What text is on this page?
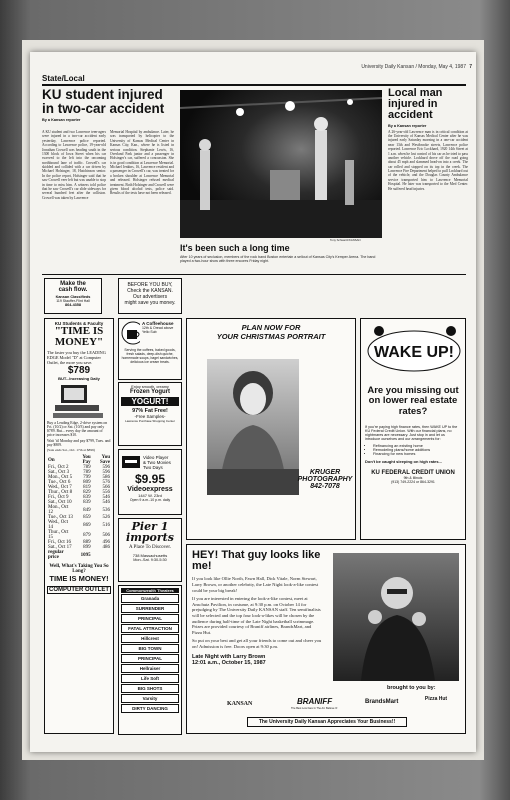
University Daily Kansan / Monday, May 4, 1987 7
State/Local
KU student injured in two-car accident
By a Kansan reporter
A KU student and two Lawrence teen-agers were injured in a two-car accident early yesterday, Lawrence police reported. According to Lawrence police, 19-year-old Jonathan Crowell was heading south in the 1300 block of Iowa Street when his car swerved to the left into the oncoming northbound lane of traffic. Crowell's car skidded and collided with a car driven by Michael Holsinger, 18, Hutchinson senior. In the police report, Holsinger said that he saw Crowell veer left but was unable to stop in time to miss him. A witness told police that he saw Crowell's car slide sideways for several hundred feet after the collision. Crowell was taken by Lawrence
Memorial Hospital by ambulance. Later, he was transported by helicopter to the University of Kansas Medical Center in Kansas City, Kan., where he is listed in serious condition. Stephanie Lewis, 16, Overland Park junior and a passenger in Holsinger's car, suffered a concussion. She is in good condition at Lawrence Memorial. Michael Jenkins, 16, Lawrence resident and a passenger in Crowell's car, was treated for a broken shoulder at Lawrence Memorial and released. Holsinger refused medical treatment. Both Holsinger and Crowell were given blood alcohol tests, police said. Results of the tests have not been released.
Tony Schwartz/KANSAN
It's been such a long time
After 10 years of seclusion, members of the rock band Boston entertain a sellout of Kansas City's Kemper Arena. The band played a two-hour show with three encores Friday night.
Local man injured in accident
By a Kansan reporter
A 26-year-old Lawrence man is in critical condition at the University of Kansas Medical Center after he was injured early Saturday morning in a one-car accident near 13th and Westbrooke streets, Lawrence police reported. Lawrence Eric Lockhard, 1920 14th Street at 1 a.m. when he lost control of his car as he tried to pass another vehicle. Lockhard drove off the road going about 45 mph and slammed head-on into a creek. The car rolled and stopped on its top in the creek. The Lawrence Fire Department helped to pull Lockhard out of the vehicle, and the Douglas County Ambulance service transported him to Lawrence Memorial Hospital. He later was transported to the Med Center. He suffered head injuries.
Make the
cash flow.
Kansan Classifieds
119 Stauffer-Flint Hall
864-4358
BEFORE YOU BUY,
Check the KANSAN.
Our advertisers
might save you money.
KU Students & Faculty
"TIME IS MONEY"
The faster you buy the LEADING EDGE Model "D" at Computer Outlet, the more you save.
$789
BUT...Increasing Daily
Buy a Leading Edge, 2-drive system on Fri. (10/2) or Sat. (10/3) and pay only $789. But... every day the amount of price increases $10.
Wait 'til Monday and pay $799, Tues. and pay $809.
(Sale ends Sat., Oct. 17th at $899)
On	You Pay	You Save
Fri., Oct 2	789	596
Sat., Oct 3	789	596
Mon., Oct 5	799	586
Tue., Oct 6	809	576
Wed., Oct 7	819	566
Thur., Oct 8	829	556
Fri., Oct 9	839	546
Sat., Oct 10	839	546
Mon., Oct 12	849	536
Tue., Oct 13	859	526
Wed., Oct 14	869	516
Thur., Oct 15	879	506
Fri., Oct 16	889	496
Sat., Oct 17	899	486
regular price	1095	
Well, What's Taking You So Long?
TIME IS MONEY!
COMPUTER OUTLET
A Coffeehouse
12th & Oread above Yello Sub
Serving the coffees, baked goods, fresh salads, deep-dish quiche, homemade soups, bagel sandwiches, delicious ice cream treats.
Enjoy smooth, creamy
Frozen Yogurt
YOGURT!
97% Fat Free!
-Free Samples-
Lawrence Purchase Shopping Center
Video Player
& Two Movies
Two Days
$9.95
Videoexpress
1447 W. 23rd
Open 9 a.m.-10 p.m. daily
Pier 1 imports
A Place To Discover.
738 Massachusetts
Mon.-Sat. 9:30-5:30
Commonwealth Theatres
Granada
SURRENDER
PRINCIPAL
FATAL ATTRACTION
Hillcrest
BIG TOWN
PRINCIPAL
Hellraiser
Life Soft
BIG SHOTS
Varsity
DIRTY DANCING
PLAN NOW FOR
YOUR CHRISTMAS PORTRAIT
KRUGER
PHOTOGRAPHY
842-7078
WAKE UP!
Are you missing out on lower real estate rates?
If you're paying high finance rates, then WAKE UP to the KU Federal Credit Union. With our financial plans, no nightmares are necessary. Just stop in and let us introduce ourselves and our arrangements for:
• Refinancing an existing home
• Remodeling plans/home additions
• Financing for new homes
Don't be caught sleeping on high rates...
KU FEDERAL CREDIT UNION
9th & Illinois
(913) 749-2224 or 864-3291
HEY! That guy looks like me!
If you look like Ollie North, Fawn Hall, Dick Vitale, Norm Stewart, Larry Brown, or another celebrity, the Late Night look-a-like contest could be your big break!
If you are interested in entering the look-a-like contest, meet at Anschutz Pavilion, in costume, at 9:30 p.m. on October 14 for prejudging by The University Daily KANSAN staff. Ten semifinalists will be selected and the top four look-a-likes will be chosen by the audience during half-time of the Late Night basketball scrimmage. Prizes are provided courtesy of Braniff airlines, BrandsMart, and Pizza Hut.
So put on your best and get all your friends to come out and cheer you on! Admission is free. Doors open at 9:30 p.m.
Late Night with Larry Brown
12:01 a.m., October 15, 1987
brought to you by:
KANSAN	BRANIFF
The Best Low Fare In The Air. Believe It!
BrandsMart	Pizza Hut
The University Daily Kansan Appreciates Your Business!!
